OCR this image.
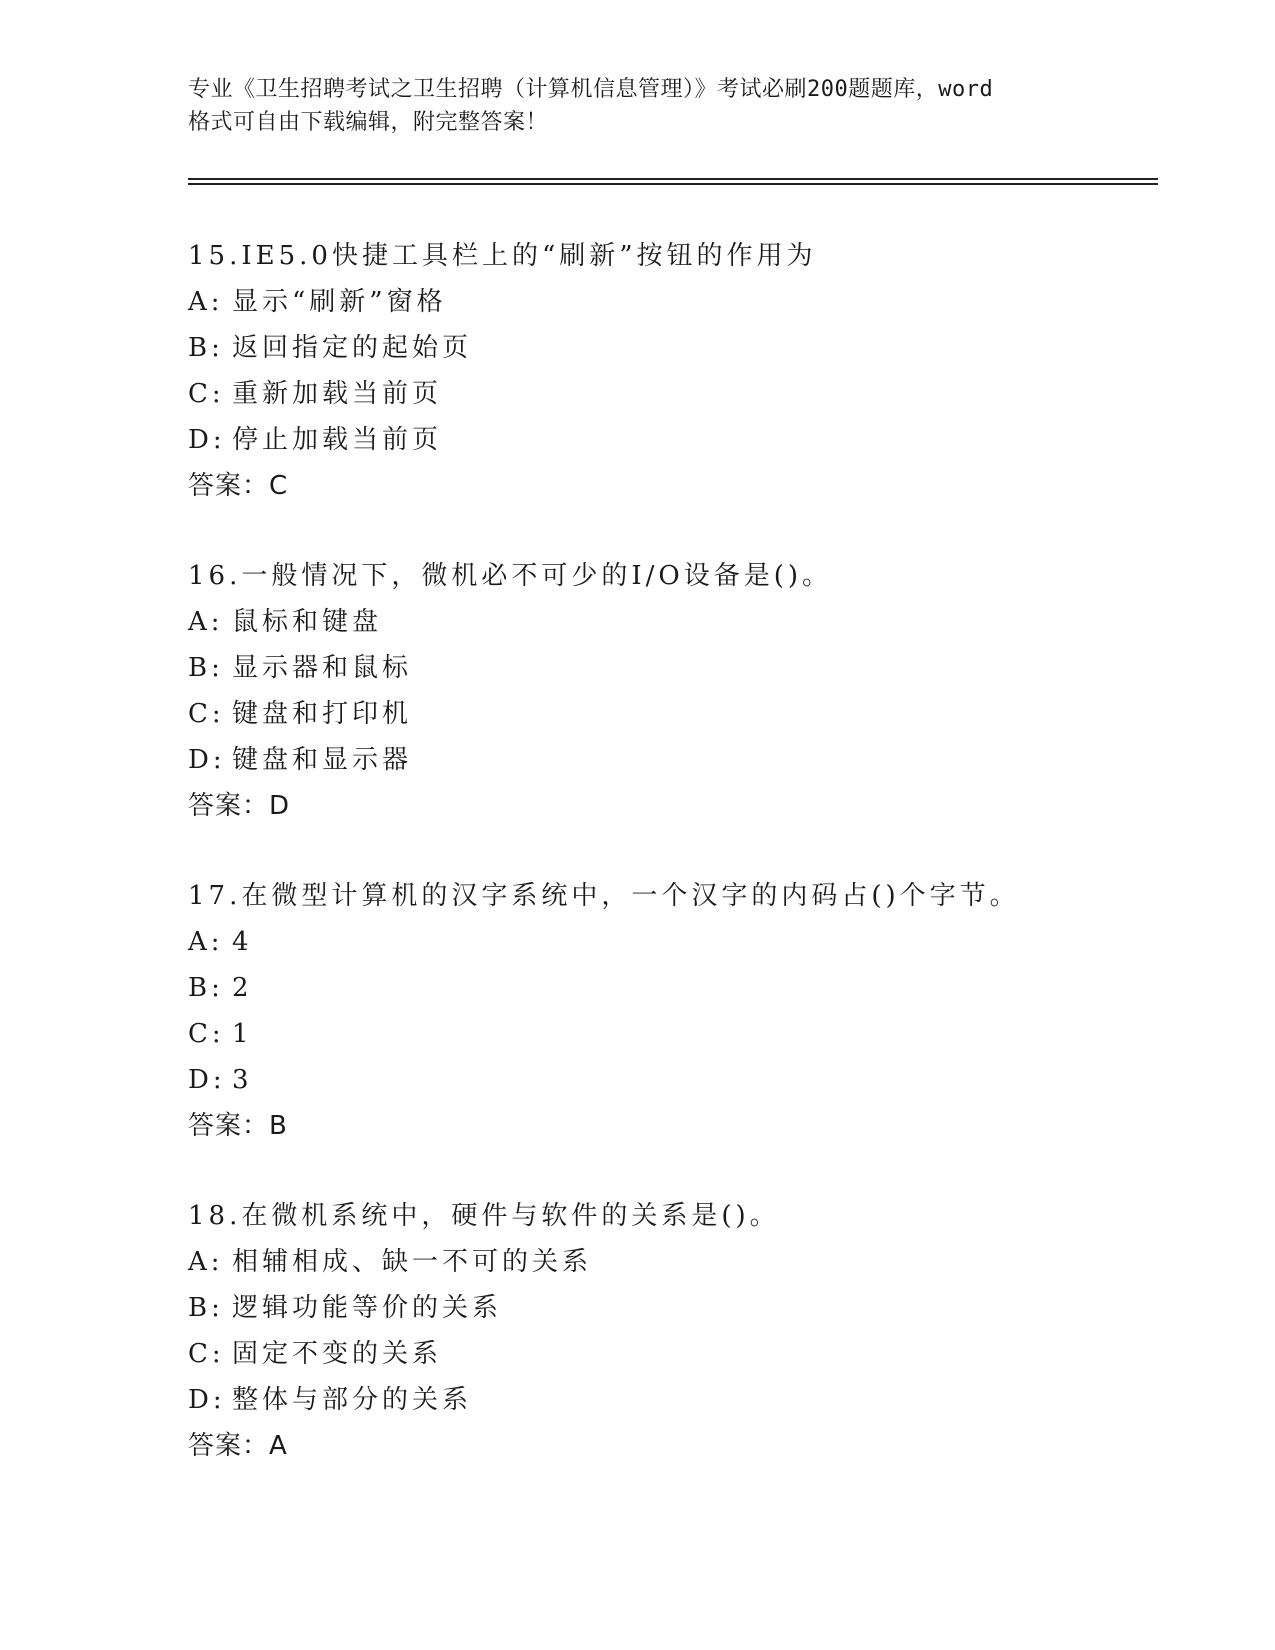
专业《卫生招聘考试之卫生招聘（计算机信息管理）》考试必刷200题题库，word
格式可自由下载编辑，附完整答案！
15.IE5.0快捷工具栏上的“刷新”按钮的作用为
A: 显示“刷新”窗格
B: 返回指定的起始页
C: 重新加载当前页
D: 停止加载当前页
答案：C
16.一般情况下，微机必不可少的I/O设备是()。
A: 鼠标和键盘
B: 显示器和鼠标
C: 键盘和打印机
D: 键盘和显示器
答案：D
17.在微型计算机的汉字系统中，一个汉字的内码占()个字节。
A: 4
B: 2
C: 1
D: 3
答案：B
18.在微机系统中，硬件与软件的关系是()。
A: 相辅相成、缺一不可的关系
B: 逻辑功能等价的关系
C: 固定不变的关系
D: 整体与部分的关系
答案：A
